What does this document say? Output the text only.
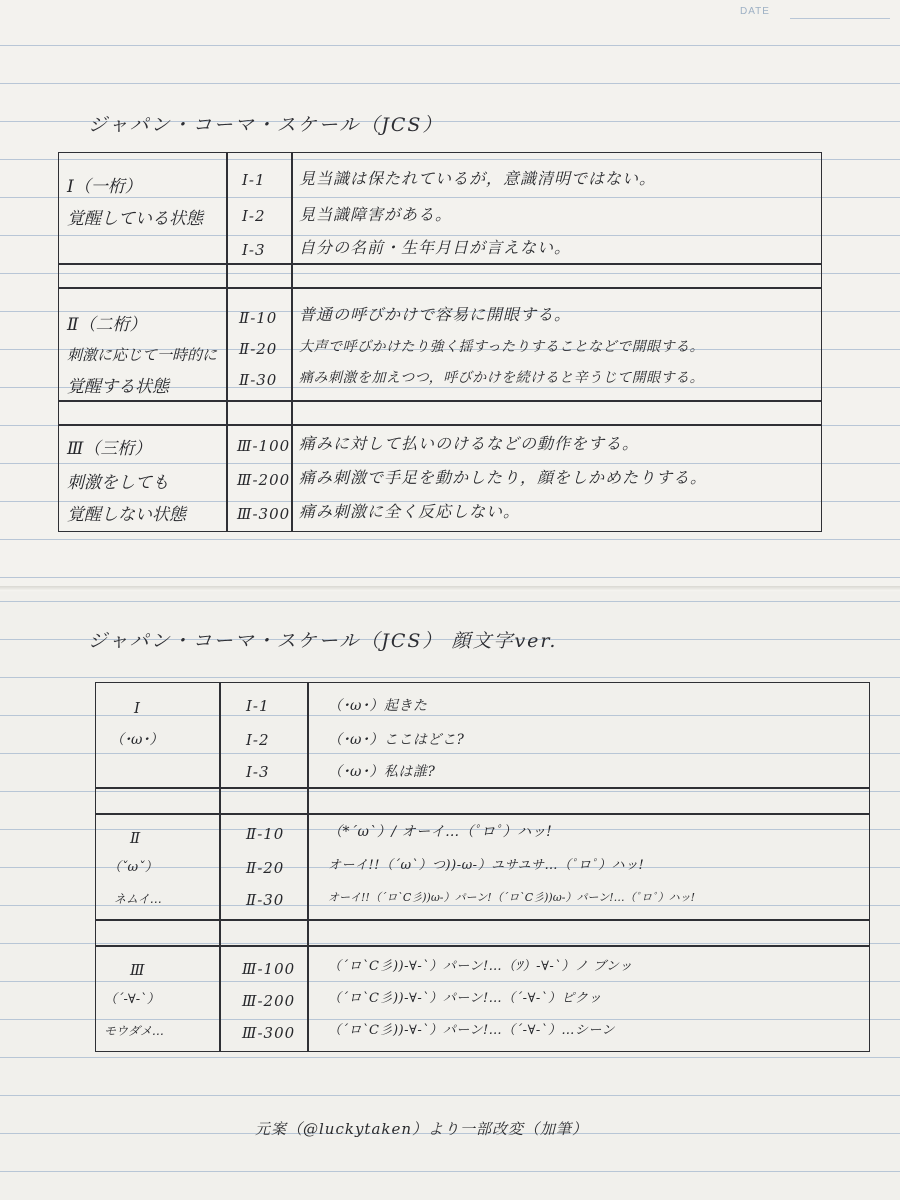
DATE
ジャパン・コーマ・スケール（JCS）
Ⅰ（一桁）
覚醒している状態
Ⅰ-1 見当識は保たれているが，意識清明ではない。
Ⅰ-2 見当識障害がある。
Ⅰ-3 自分の名前・生年月日が言えない。
Ⅱ（二桁）
刺激に応じて一時的に
覚醒する状態
Ⅱ-10 普通の呼びかけで容易に開眼する。
Ⅱ-20 大声で呼びかけたり強く揺すったりすることなどで開眼する。
Ⅱ-30 痛み刺激を加えつつ，呼びかけを続けると辛うじて開眼する。
Ⅲ（三桁）
刺激をしても
覚醒しない状態
Ⅲ-100 痛みに対して払いのけるなどの動作をする。
Ⅲ-200 痛み刺激で手足を動かしたり，顔をしかめたりする。
Ⅲ-300 痛み刺激に全く反応しない。
ジャパン・コーマ・スケール（JCS） 顔文字ver.
Ⅰ
（･ω･）
Ⅰ-1	（･ω･）起きた
Ⅰ-2	（･ω･）ここはどこ?
Ⅰ-3	（･ω･）私は誰?
Ⅱ
（ˇωˇ）
ネムイ…
Ⅱ-10	（*´ω`）/ オーイ…（ﾟロﾟ）ハッ!
Ⅱ-20	オーイ!!（´ω`）つ))-ω-）ユサユサ…（ﾟロﾟ）ハッ!
Ⅱ-30	オーイ!!（´ロ`C彡))ω-）パーン!（´ロ`C彡))ω-）パーン!…（ﾟロﾟ）ハッ!
Ⅲ
（´-∀-`）
モウダメ…
Ⅲ-100	（´ロ`C彡))-∀-`）パーン!…（ﾂ）-∀-`）ノ ブンッ
Ⅲ-200	（´ロ`C彡))-∀-`）パーン!…（´-∀-`）ピクッ
Ⅲ-300	（´ロ`C彡))-∀-`）パーン!…（´-∀-`）…シーン
元案（@luckytaken）より一部改変（加筆）
